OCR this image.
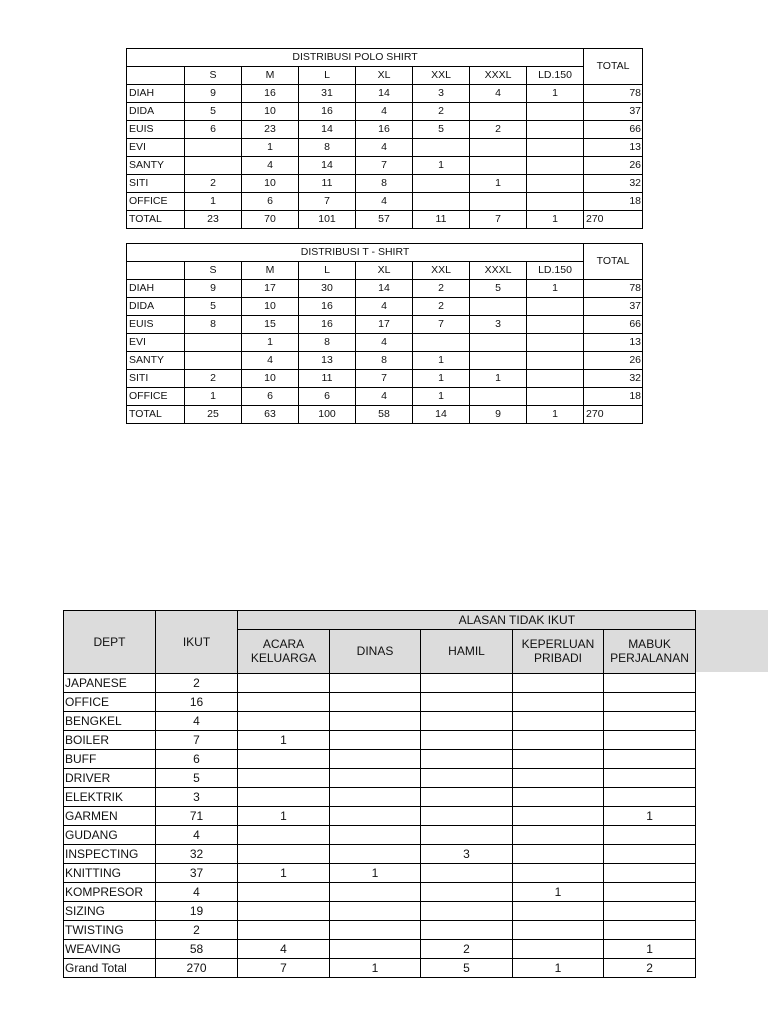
DISTRIBUSI POLO SHIRT								TOTAL
	S	M	L	XL	XXL	XXXL	LD.150	
DIAH	9	16	31	14	3	4	1	78
DIDA	5	10	16	4	2			37
EUIS	6	23	14	16	5	2		66
EVI		1	8	4				13
SANTY		4	14	7	1			26
SITI	2	10	11	8		1		32
OFFICE	1	6	7	4				18
TOTAL	23	70	101	57	11	7	1	270
DISTRIBUSI T - SHIRT								TOTAL
	S	M	L	XL	XXL	XXXL	LD.150	
DIAH	9	17	30	14	2	5	1	78
DIDA	5	10	16	4	2			37
EUIS	8	15	16	17	7	3		66
EVI		1	8	4				13
SANTY		4	13	8	1			26
SITI	2	10	11	7	1	1		32
OFFICE	1	6	6	4	1			18
TOTAL	25	63	100	58	14	9	1	270
DEPT	IKUT	ALASAN TIDAK IKUT				
		ACARA KELUARGA	DINAS	HAMIL	KEPERLUAN PRIBADI	MABUK PERJALANAN
JAPANESE	2					
OFFICE	16					
BENGKEL	4					
BOILER	7	1				
BUFF	6					
DRIVER	5					
ELEKTRIK	3					
GARMEN	71	1				1
GUDANG	4					
INSPECTING	32			3		
KNITTING	37	1	1			
KOMPRESOR	4				1	
SIZING	19					
TWISTING	2					
WEAVING	58	4		2		1
Grand Total	270	7	1	5	1	2
